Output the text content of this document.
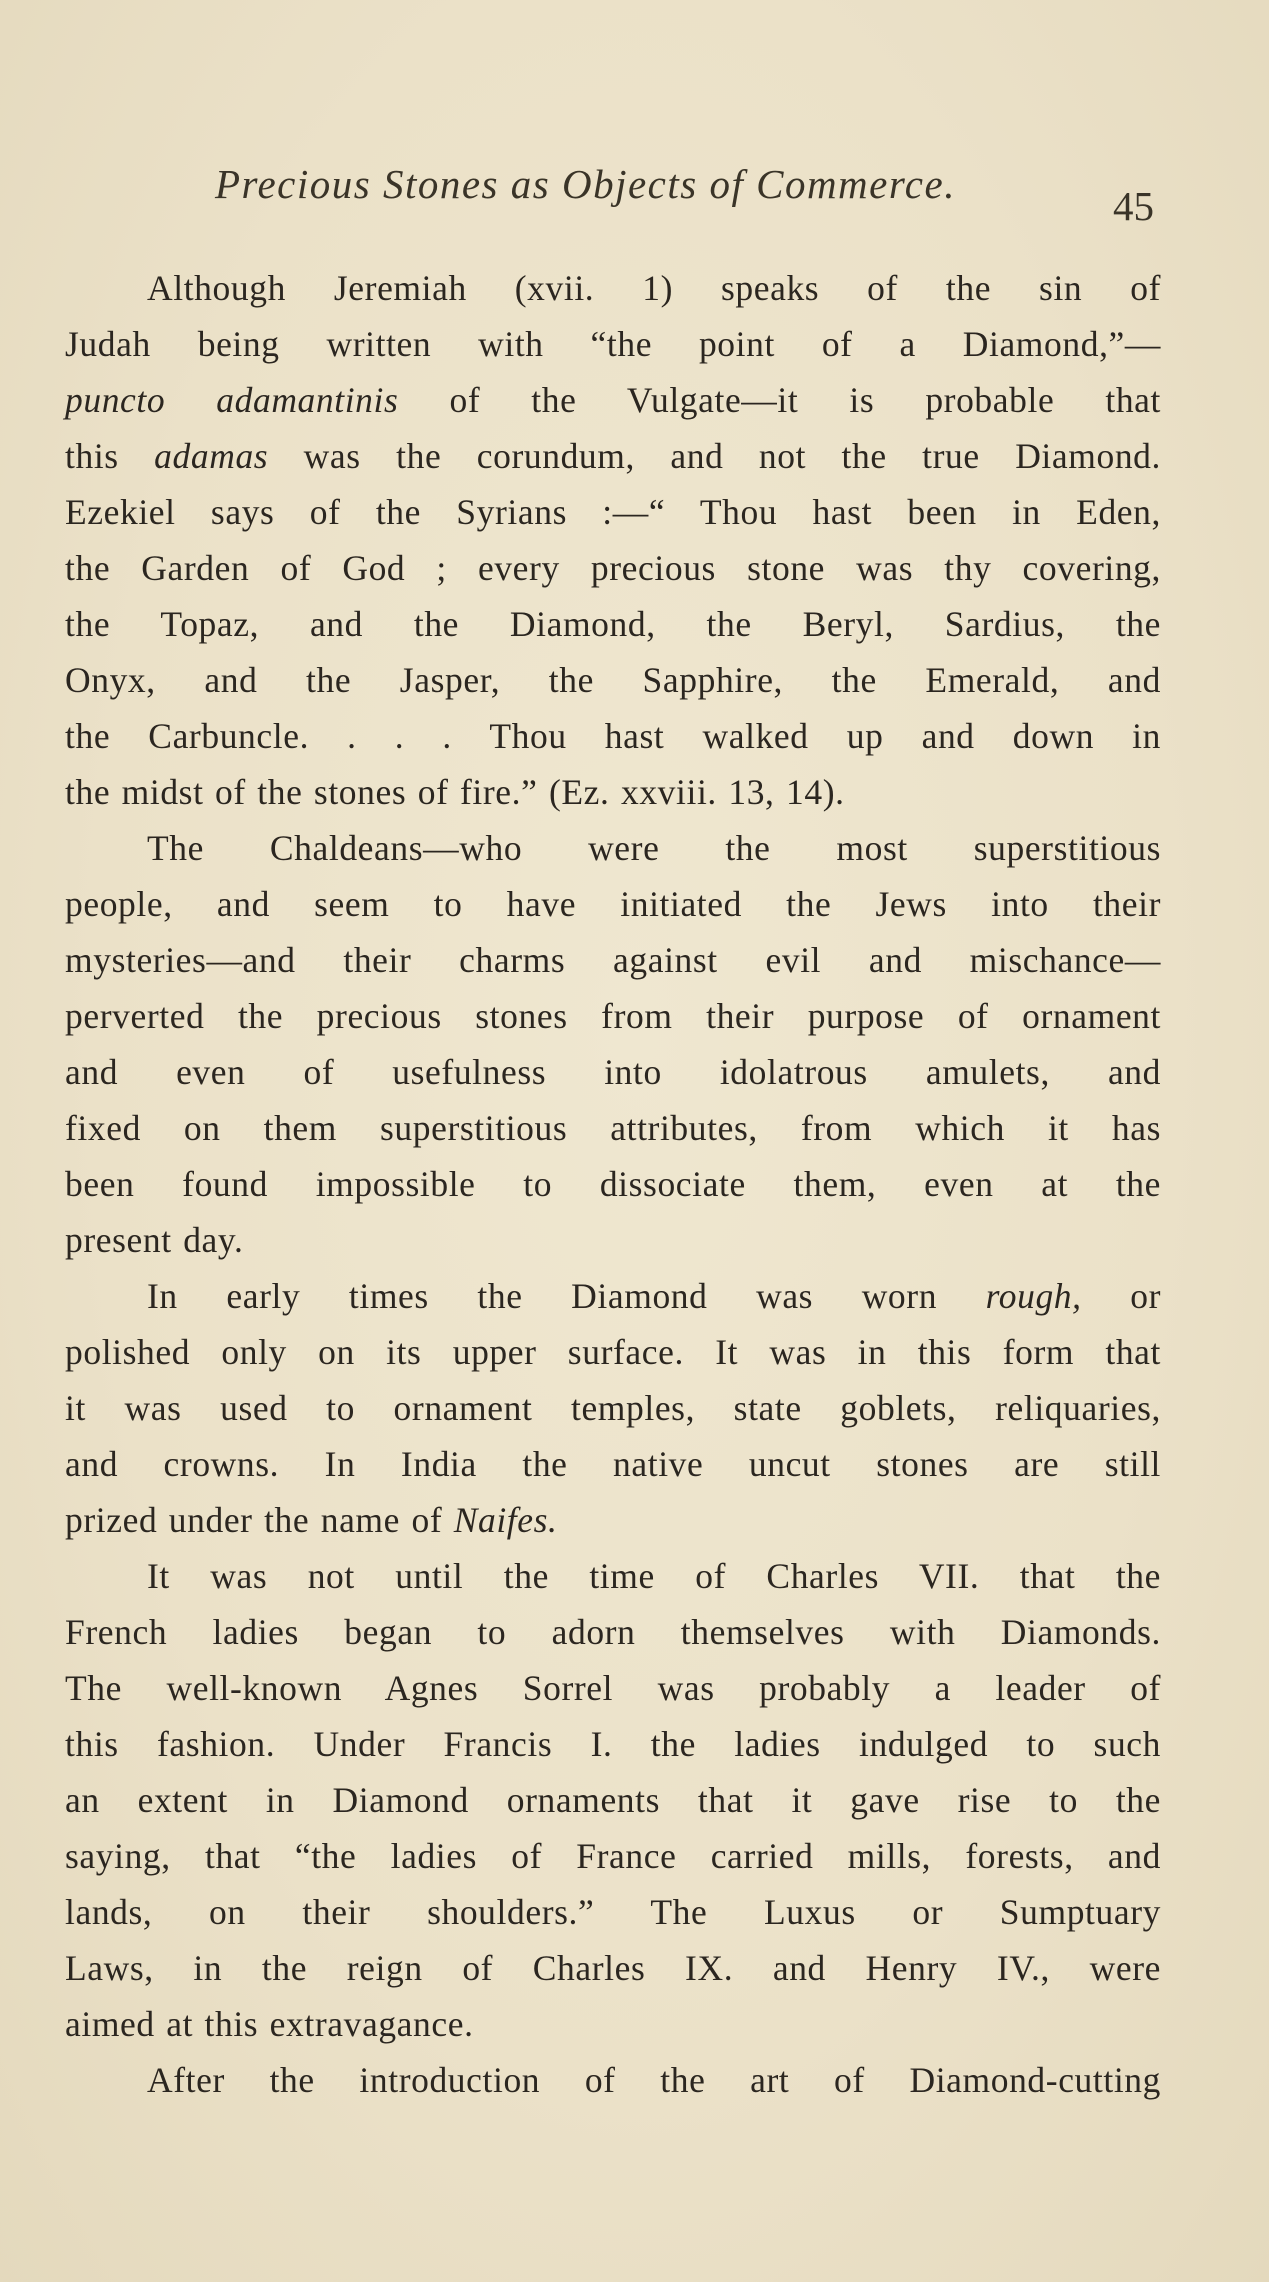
Precious Stones as Objects of Commerce.	45
Although Jeremiah (xvii. 1) speaks of the sin of
Judah being written with “the point of a Diamond,”—
puncto adamantinis of the Vulgate—it is probable that
this adamas was the corundum, and not the true Diamond.
Ezekiel says of the Syrians :—“ Thou hast been in Eden,
the Garden of God ; every precious stone was thy covering,
the Topaz, and the Diamond, the Beryl, Sardius, the
Onyx, and the Jasper, the Sapphire, the Emerald, and
the Carbuncle. . . . Thou hast walked up and down in
the midst of the stones of fire.” (Ez. xxviii. 13, 14).
The Chaldeans—who were the most superstitious
people, and seem to have initiated the Jews into their
mysteries—and their charms against evil and mischance—
perverted the precious stones from their purpose of ornament
and even of usefulness into idolatrous amulets, and
fixed on them superstitious attributes, from which it has
been found impossible to dissociate them, even at the
present day.
In early times the Diamond was worn rough, or
polished only on its upper surface. It was in this form that
it was used to ornament temples, state goblets, reliquaries,
and crowns. In India the native uncut stones are still
prized under the name of Naifes.
It was not until the time of Charles VII. that the
French ladies began to adorn themselves with Diamonds.
The well-known Agnes Sorrel was probably a leader of
this fashion. Under Francis I. the ladies indulged to such
an extent in Diamond ornaments that it gave rise to the
saying, that “the ladies of France carried mills, forests, and
lands, on their shoulders.” The Luxus or Sumptuary
Laws, in the reign of Charles IX. and Henry IV., were
aimed at this extravagance.
After the introduction of the art of Diamond-cutting
